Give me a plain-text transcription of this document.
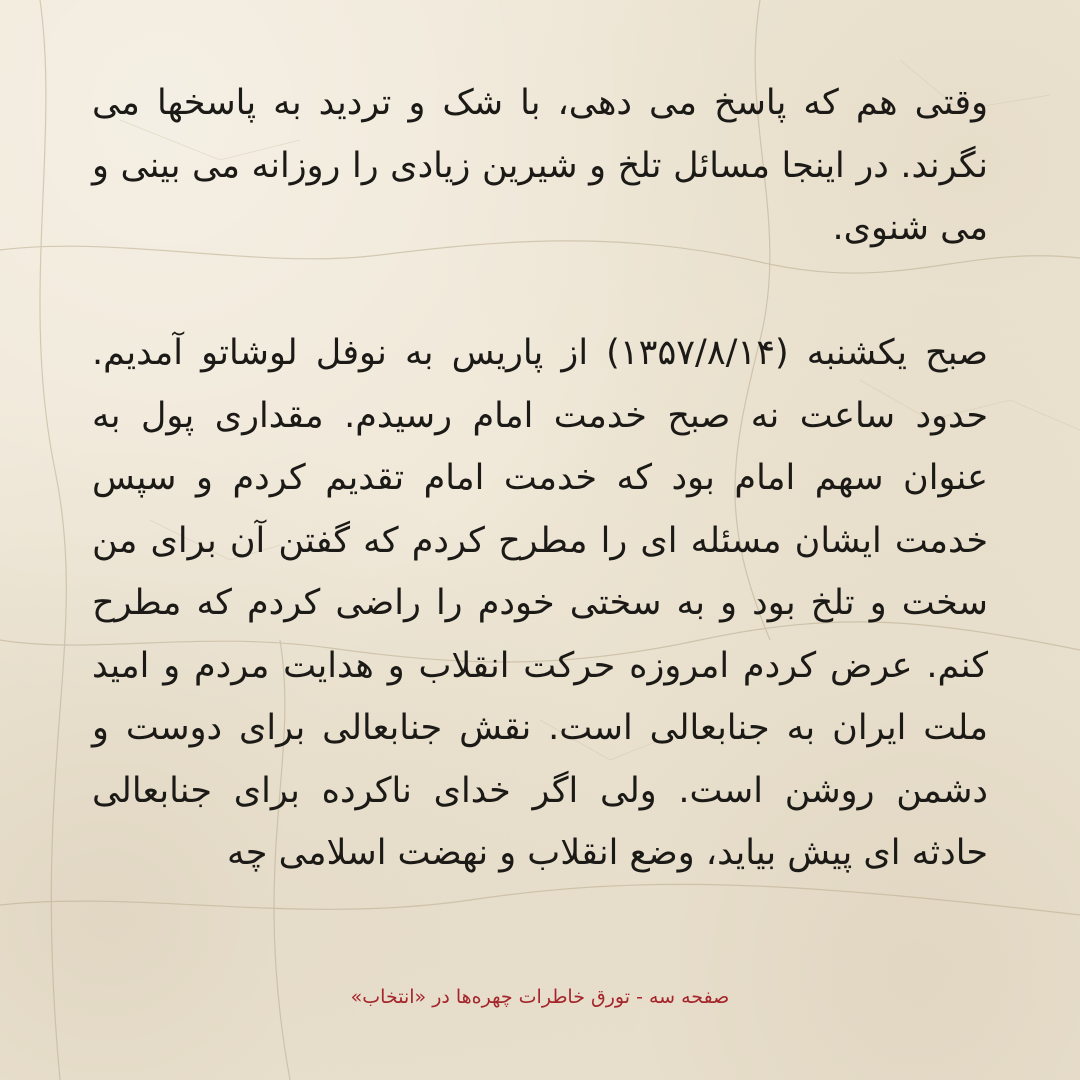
وقتی هم که پاسخ می دهی، با شک و تردید به پاسخها می نگرند. در اینجا مسائل تلخ و شیرین زیادی را روزانه می بینی و می شنوی.

صبح یکشنبه (۱۳۵۷/۸/۱۴) از پاریس به نوفل لوشاتو آمدیم. حدود ساعت نه صبح خدمت امام رسیدم. مقداری پول به عنوان سهم امام بود که خدمت امام تقدیم کردم و سپس خدمت ایشان مسئله ای را مطرح کردم که گفتن آن برای من سخت و تلخ بود و به سختی خودم را راضی کردم که مطرح کنم. عرض کردم امروزه حرکت انقلاب و هدایت مردم و امید ملت ایران به جنابعالی است. نقش جنابعالی برای دوست و دشمن روشن است. ولی اگر خدای ناکرده برای جنابعالی حادثه ای پیش بیاید، وضع انقلاب و نهضت اسلامی چه

صفحه سه - تورق خاطرات چهره‌ها در «انتخاب»
